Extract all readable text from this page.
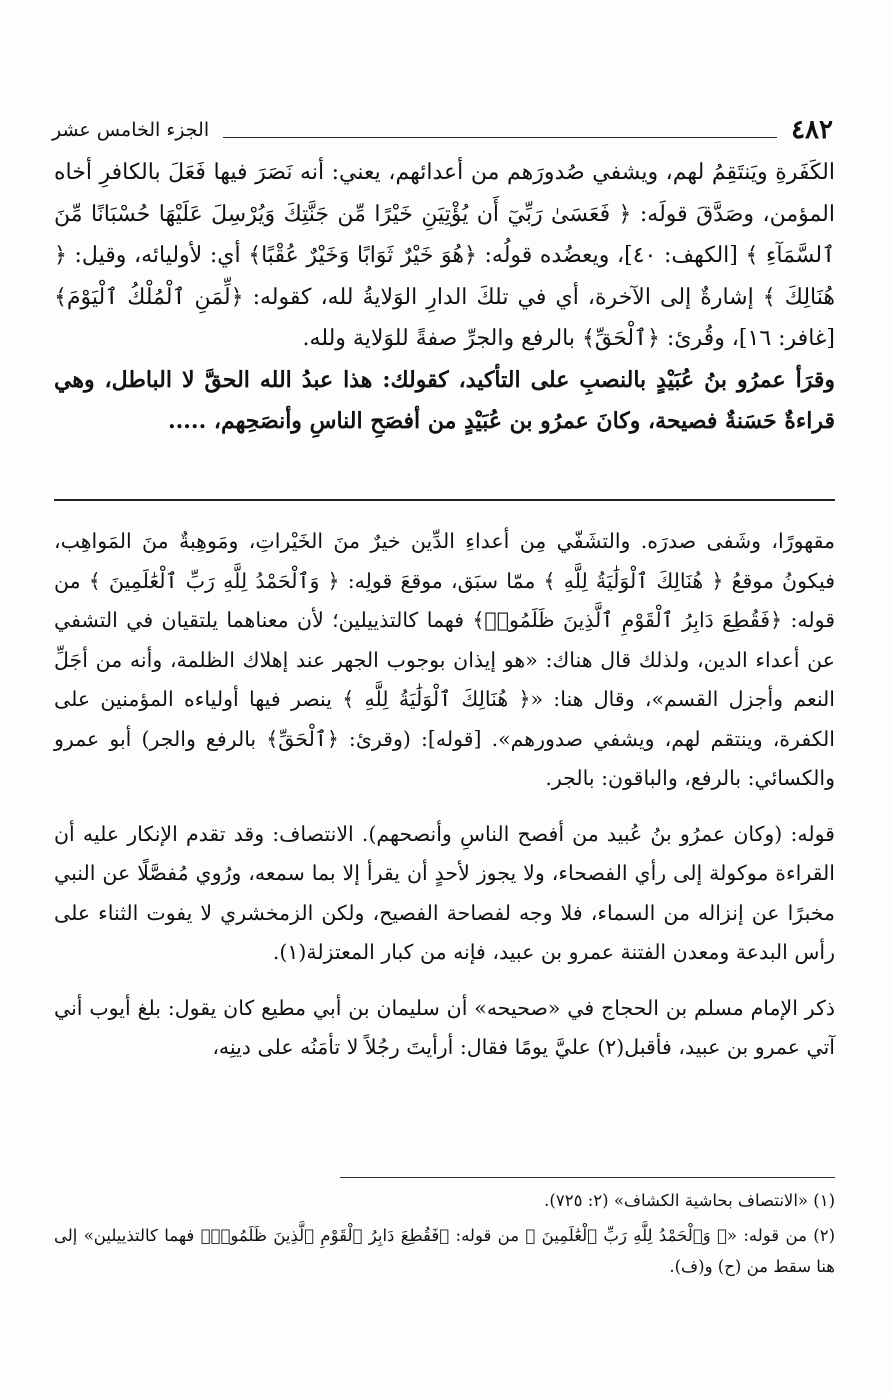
٤٨٢
الجزء الخامس عشر

الكَفَرةِ ويَنتَقِمُ لهم، ويشفي صُدورَهم من أعدائهم، يعني: أنه نَصَرَ فيها فَعَلَ بالكافرِ أخاه المؤمن، وصَدَّقَ قولَه: ﴿ فَعَسَىٰ رَبِّيٓ أَن يُؤْتِيَنِ خَيْرًا مِّن جَنَّتِكَ وَيُرْسِلَ عَلَيْهَا حُسْبَانًا مِّنَ ٱلسَّمَآءِ ﴾ [الكهف: ٤٠]، ويعضُده قولُه: ﴿هُوَ خَيْرٌ ثَوَابًا وَخَيْرٌ عُقْبًا﴾ أي: لأوليائه، وقيل: ﴿ هُنَالِكَ ﴾ إشارةٌ إلى الآخرة، أي في تلكَ الدارِ الوَلايةُ لله، كقوله: ﴿لِّمَنِ ٱلْمُلْكُ ٱلْيَوْمَ﴾ [غافر: ١٦]، وقُرئ: ﴿ٱلْحَقِّ﴾ بالرفع والجرِّ صفةً للوَلاية ولله.

وقرَأ عمرُو بنُ عُبَيْدٍ بالنصبِ على التأكيد، كقولك: هذا عبدُ الله الحقَّ لا الباطل، وهي قراءةٌ حَسَنةٌ فصيحة، وكانَ عمرُو بن عُبَيْدٍ من أفصَحِ الناسِ وأنصَحِهم، .....

مقهورًا، وشَفى صدرَه. والتشَفّي مِن أعداءِ الدِّين خيرٌ منَ الخَيْراتِ، ومَوهِبةٌ منَ المَواهِب، فيكونُ موقعُ ﴿ هُنَالِكَ ٱلْوَلَٰيَةُ لِلَّهِ ﴾ ممّا سبَق، موقعَ قولِه: ﴿ وَٱلْحَمْدُ لِلَّهِ رَبِّ ٱلْعَٰلَمِينَ ﴾ من قوله: ﴿فَقُطِعَ دَابِرُ ٱلْقَوْمِ ٱلَّذِينَ ظَلَمُوا۟﴾ فهما كالتذييلين؛ لأن معناهما يلتقيان في التشفي عن أعداء الدين، ولذلك قال هناك: «هو إيذان بوجوب الجهر عند إهلاك الظلمة، وأنه من أجَلِّ النعم وأجزل القسم»، وقال هنا: «﴿ هُنَالِكَ ٱلْوَلَٰيَةُ لِلَّهِ ﴾ ينصر فيها أولياءه المؤمنين على الكفرة، وينتقم لهم، ويشفي صدورهم». [قوله]: (وقرئ: ﴿ٱلْحَقِّ﴾ بالرفع والجر) أبو عمرو والكسائي: بالرفع، والباقون: بالجر.

قوله: (وكان عمرُو بنُ عُبيد من أفصح الناسِ وأنصحهم). الانتصاف: وقد تقدم الإنكار عليه أن القراءة موكولة إلى رأي الفصحاء، ولا يجوز لأحدٍ أن يقرأ إلا بما سمعه، ورُوي مُفصَّلًا عن النبي مخبرًا عن إنزاله من السماء، فلا وجه لفصاحة الفصيح، ولكن الزمخشري لا يفوت الثناء على رأس البدعة ومعدن الفتنة عمرو بن عبيد، فإنه من كبار المعتزلة(١).

ذكر الإمام مسلم بن الحجاج في «صحيحه» أن سليمان بن أبي مطيع كان يقول: بلغ أيوب أني آتي عمرو بن عبيد، فأقبل(٢) عليَّ يومًا فقال: أرأيتَ رجُلاً لا تأمَنُه على دينِه،

(١) «الانتصاف بحاشية الكشاف» (٢: ٧٢٥).

(٢) من قوله: «﴿ وَٱلْحَمْدُ لِلَّهِ رَبِّ ٱلْعَٰلَمِينَ ﴾ من قوله: ﴿فَقُطِعَ دَابِرُ ٱلْقَوْمِ ٱلَّذِينَ ظَلَمُوا۟﴾ فهما كالتذييلين» إلى هنا سقط من (ح) و(ف).
